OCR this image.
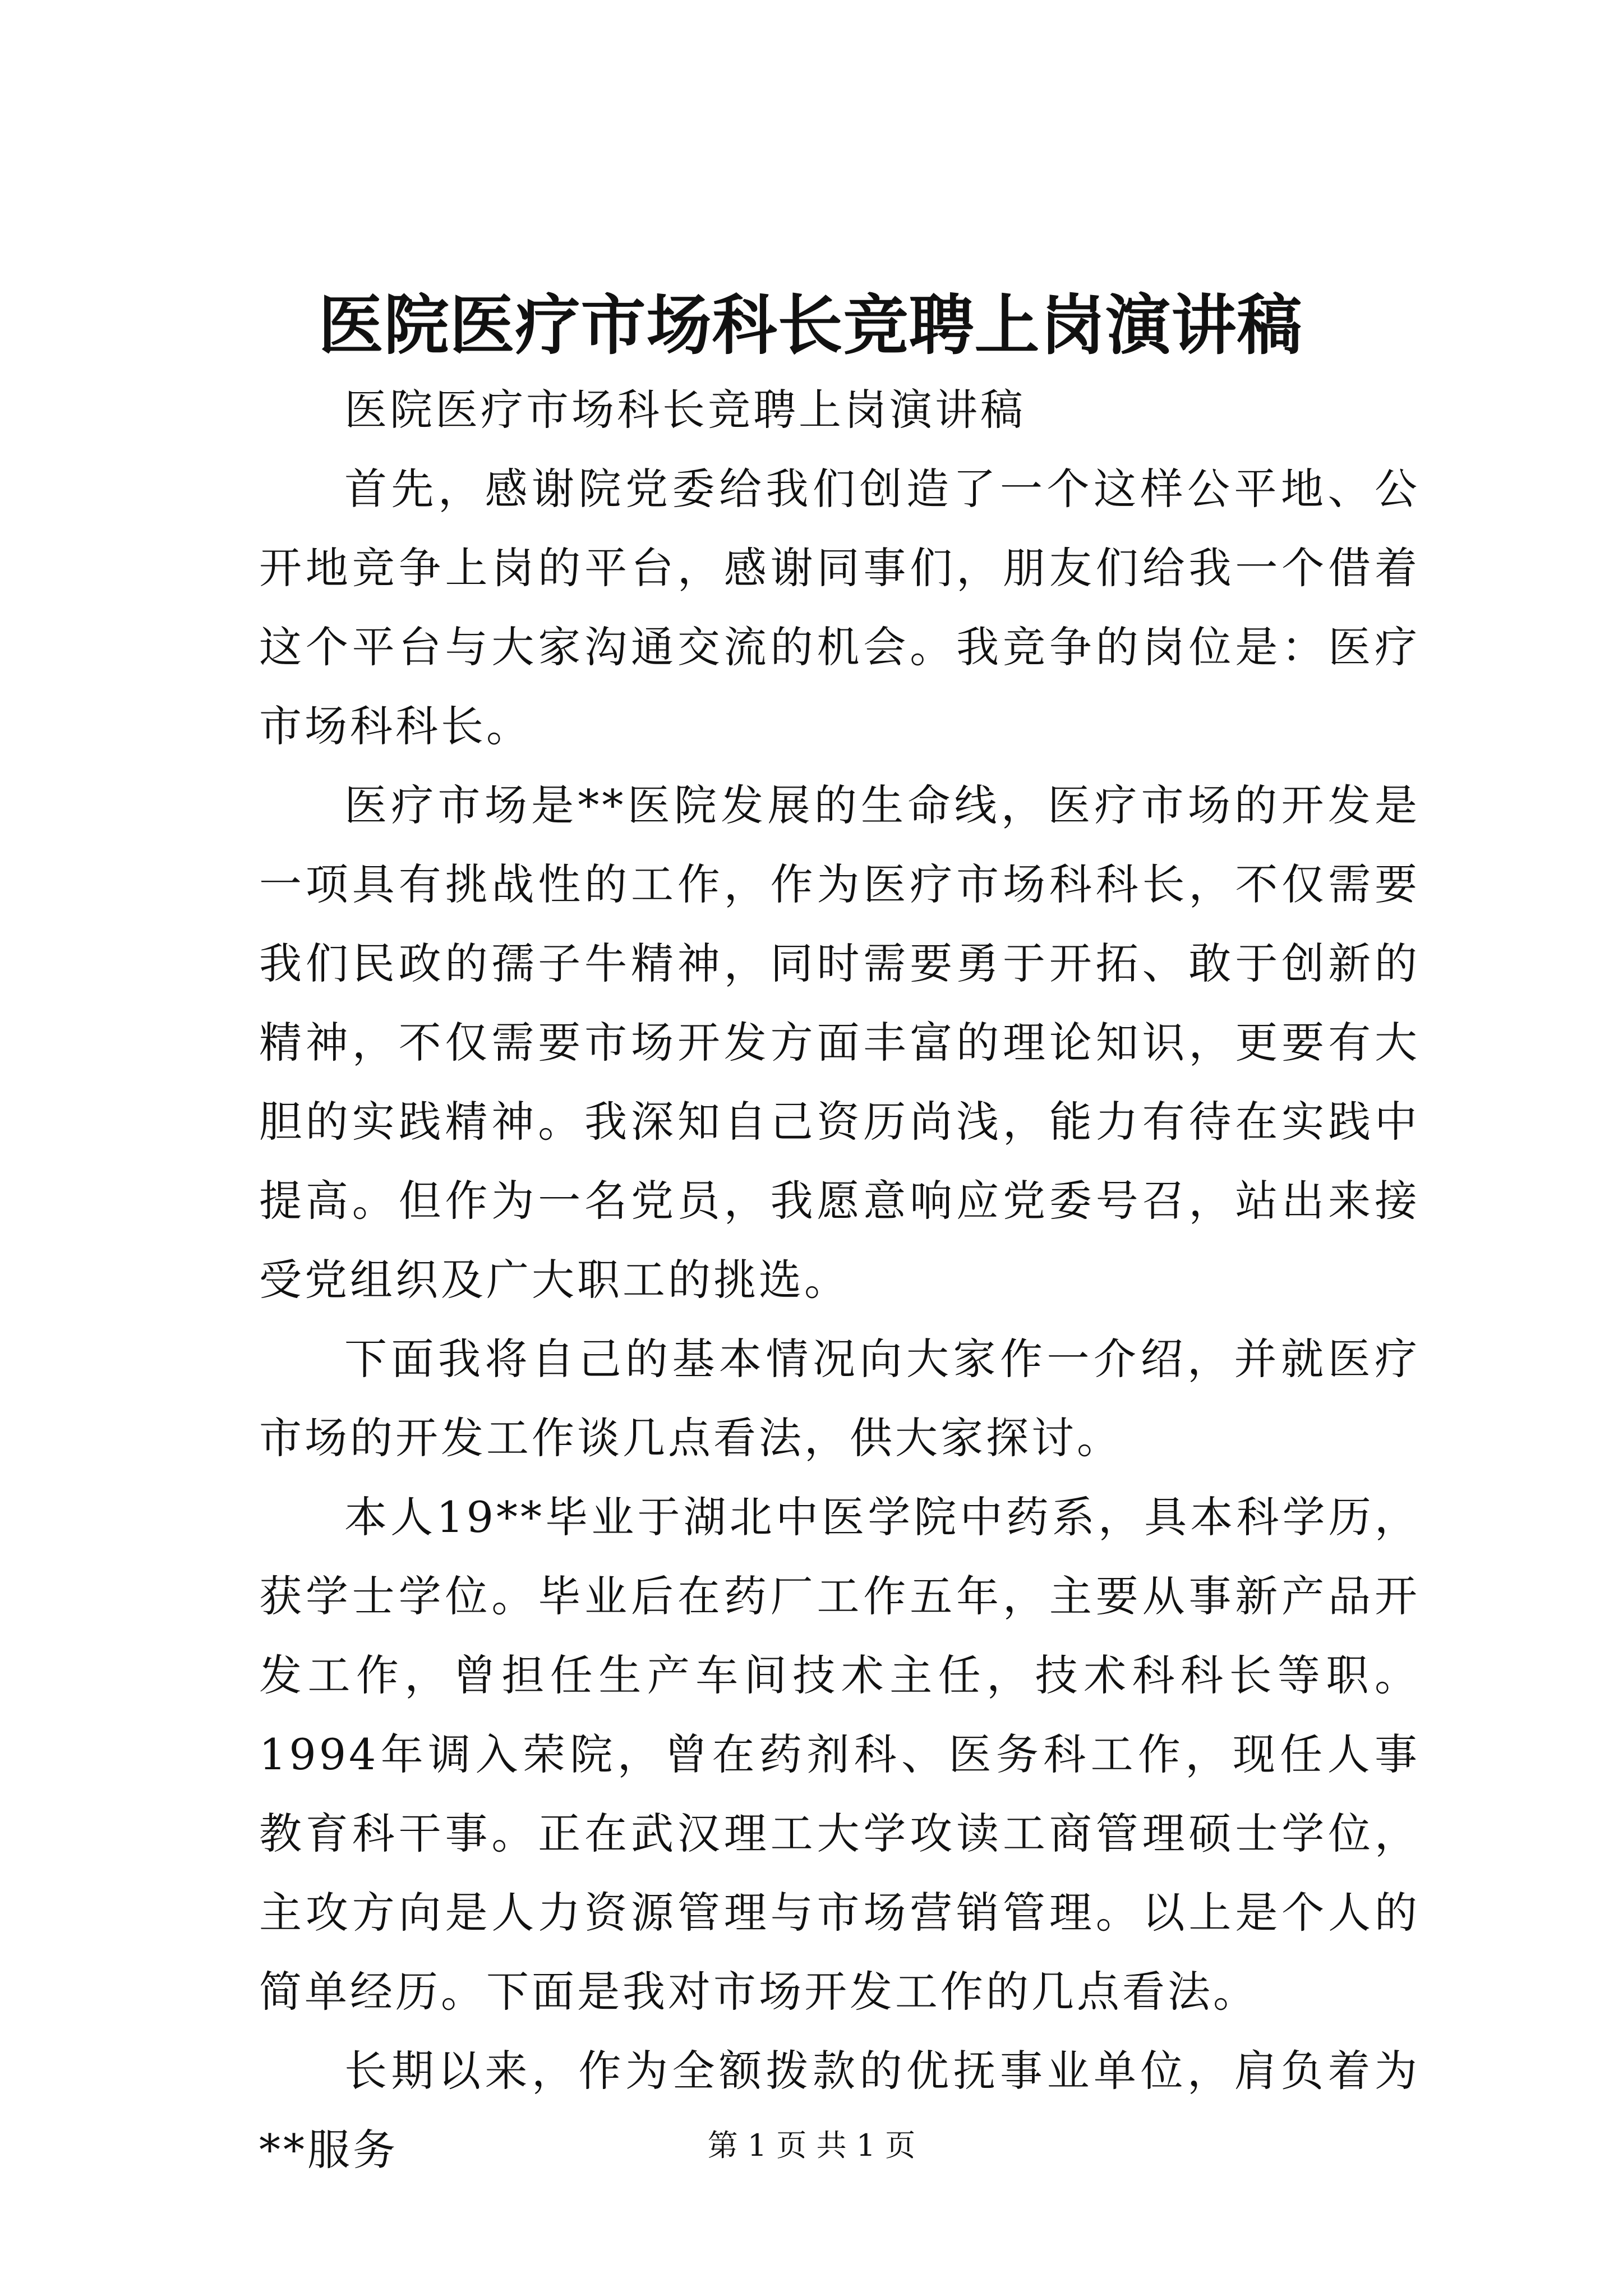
医院医疗市场科长竞聘上岗演讲稿

医院医疗市场科长竞聘上岗演讲稿

首先，感谢院党委给我们创造了一个这样公平地、公开地竞争上岗的平台，感谢同事们，朋友们给我一个借着这个平台与大家沟通交流的机会。我竞争的岗位是：医疗市场科科长。

医疗市场是**医院发展的生命线，医疗市场的开发是一项具有挑战性的工作，作为医疗市场科科长，不仅需要我们民政的孺子牛精神，同时需要勇于开拓、敢于创新的精神，不仅需要市场开发方面丰富的理论知识，更要有大胆的实践精神。我深知自己资历尚浅，能力有待在实践中提高。但作为一名党员，我愿意响应党委号召，站出来接受党组织及广大职工的挑选。

下面我将自己的基本情况向大家作一介绍，并就医疗市场的开发工作谈几点看法，供大家探讨。

本人19**毕业于湖北中医学院中药系，具本科学历，获学士学位。毕业后在药厂工作五年，主要从事新产品开发工作，曾担任生产车间技术主任，技术科科长等职。1994年调入荣院，曾在药剂科、医务科工作，现任人事教育科干事。正在武汉理工大学攻读工商管理硕士学位，主攻方向是人力资源管理与市场营销管理。以上是个人的简单经历。下面是我对市场开发工作的几点看法。

长期以来，作为全额拨款的优抚事业单位，肩负着为**服务	第 1 页 共 1 页
